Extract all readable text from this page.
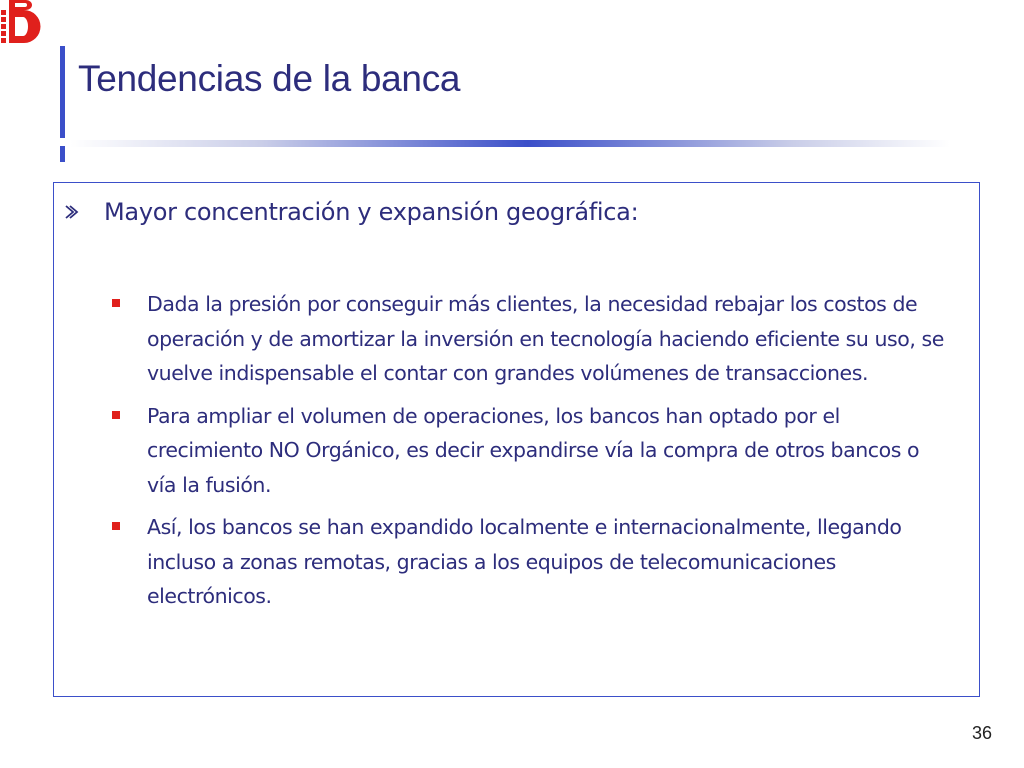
Tendencias de la banca
Mayor concentración y expansión geográfica:
Dada la presión por conseguir más clientes, la necesidad rebajar los costos de operación y de amortizar la inversión en tecnología haciendo eficiente su uso, se vuelve indispensable el contar con grandes volúmenes de transacciones.
Para ampliar el volumen de operaciones, los bancos han optado por el crecimiento NO Orgánico, es decir expandirse vía la compra de otros bancos o vía la fusión.
Así, los bancos se han expandido localmente e internacionalmente, llegando incluso a zonas remotas, gracias a los equipos de telecomunicaciones electrónicos.
36
